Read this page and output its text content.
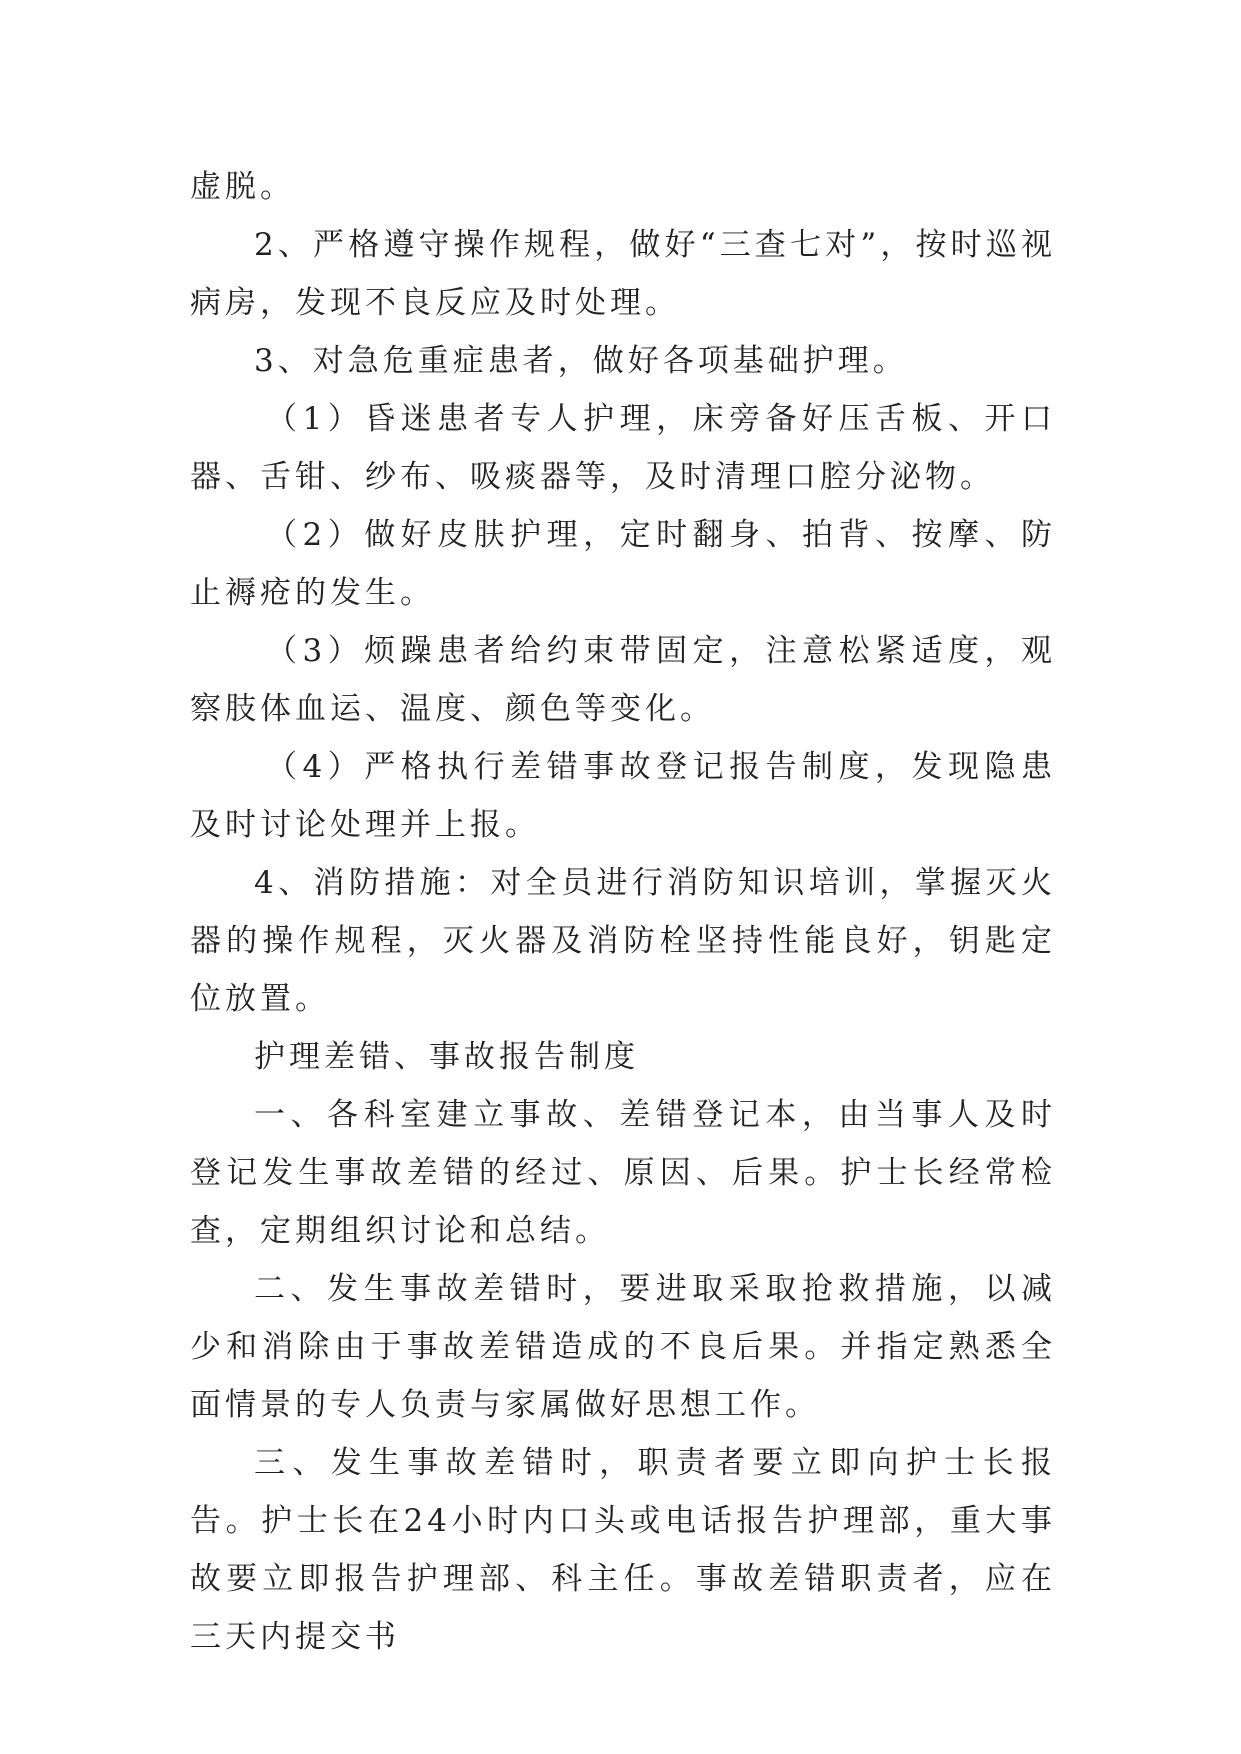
虚脱。

2、严格遵守操作规程，做好“三查七对”，按时巡视病房，发现不良反应及时处理。

3、对急危重症患者，做好各项基础护理。

（1）昏迷患者专人护理，床旁备好压舌板、开口器、舌钳、纱布、吸痰器等，及时清理口腔分泌物。

（2）做好皮肤护理，定时翻身、拍背、按摩、防止褥疮的发生。

（3）烦躁患者给约束带固定，注意松紧适度，观察肢体血运、温度、颜色等变化。

（4）严格执行差错事故登记报告制度，发现隐患及时讨论处理并上报。

4、消防措施：对全员进行消防知识培训，掌握灭火器的操作规程，灭火器及消防栓坚持性能良好，钥匙定位放置。

护理差错、事故报告制度

一、各科室建立事故、差错登记本，由当事人及时登记发生事故差错的经过、原因、后果。护士长经常检查，定期组织讨论和总结。

二、发生事故差错时，要进取采取抢救措施，以减少和消除由于事故差错造成的不良后果。并指定熟悉全面情景的专人负责与家属做好思想工作。

三、发生事故差错时，职责者要立即向护士长报告。护士长在24小时内口头或电话报告护理部，重大事故要立即报告护理部、科主任。事故差错职责者，应在三天内提交书
